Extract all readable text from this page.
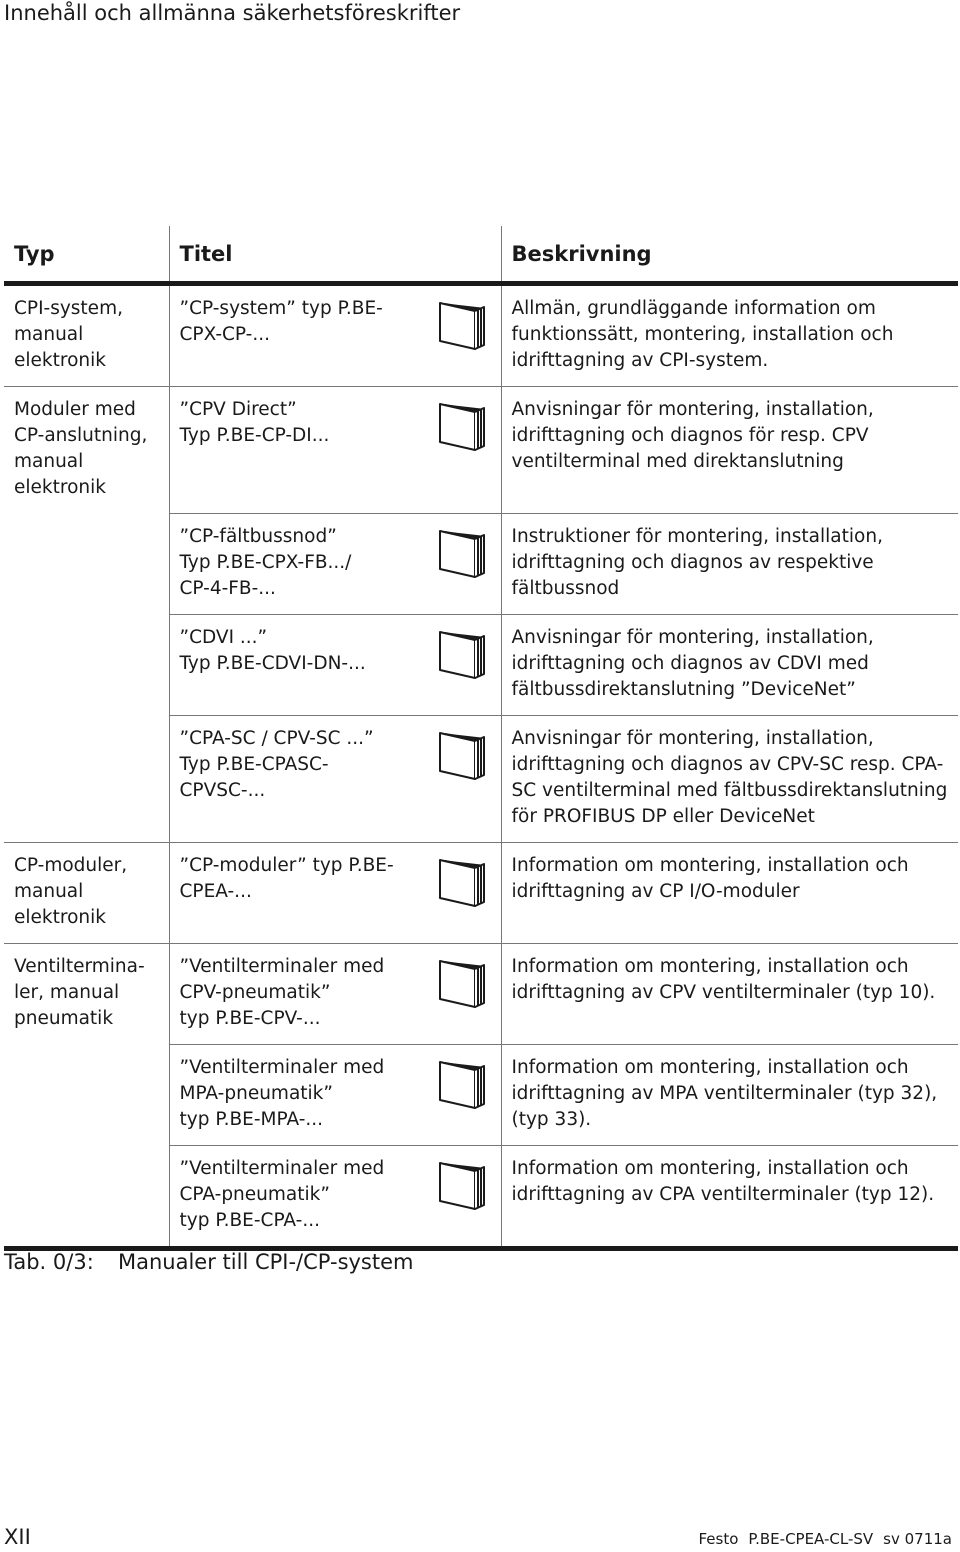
Innehåll och allmänna säkerhetsföreskrifter
Typ	Titel	Beskrivning
CPI-system,
manual
elektronik	”CP-system” typ P.BE-
CPX-CP-...	Allmän, grundläggande information om funktionssätt, montering, installation och idrifttagning av CPI-system.
Moduler med
CP-anslutning,
manual
elektronik	”CPV Direct”
Typ P.BE-CP-DI...	Anvisningar för montering, installation, idrifttagning och diagnos för resp. CPV ventilterminal med direktanslutning

	”CP-fältbussnod”
Typ P.BE-CPX-FB.../
CP-4-FB-...	Instruktioner för montering, installation, idrifttagning och diagnos av respektive fältbussnod

	”CDVI ...”
Typ P.BE-CDVI-DN-...	Anvisningar för montering, installation, idrifttagning och diagnos av CDVI med fältbussdirektanslutning ”DeviceNet”

	”CPA-SC / CPV-SC ...”
Typ P.BE-CPASC-
CPVSC-...	Anvisningar för montering, installation, idrifttagning och diagnos av CPV-SC resp. CPA-SC ventilterminal med fältbussdirektanslutning för PROFIBUS DP eller DeviceNet
CP-moduler,
manual
elektronik	”CP-moduler” typ P.BE-
CPEA-...	Information om montering, installation och idrifttagning av CP I/O-moduler
Ventiltermina-
ler, manual
pneumatik	”Ventilterminaler med
CPV-pneumatik”
typ P.BE-CPV-...	Information om montering, installation och idrifttagning av CPV ventilterminaler (typ 10).

	”Ventilterminaler med
MPA-pneumatik”
typ P.BE-MPA-...	Information om montering, installation och idrifttagning av MPA ventilterminaler (typ 32), (typ 33).

	”Ventilterminaler med
CPA-pneumatik”
typ P.BE-CPA-...	Information om montering, installation och idrifttagning av CPA ventilterminaler (typ 12).
Tab. 0/3: Manualer till CPI-/CP-system
XII	Festo P.BE-CPEA-CL-SV sv 0711a
